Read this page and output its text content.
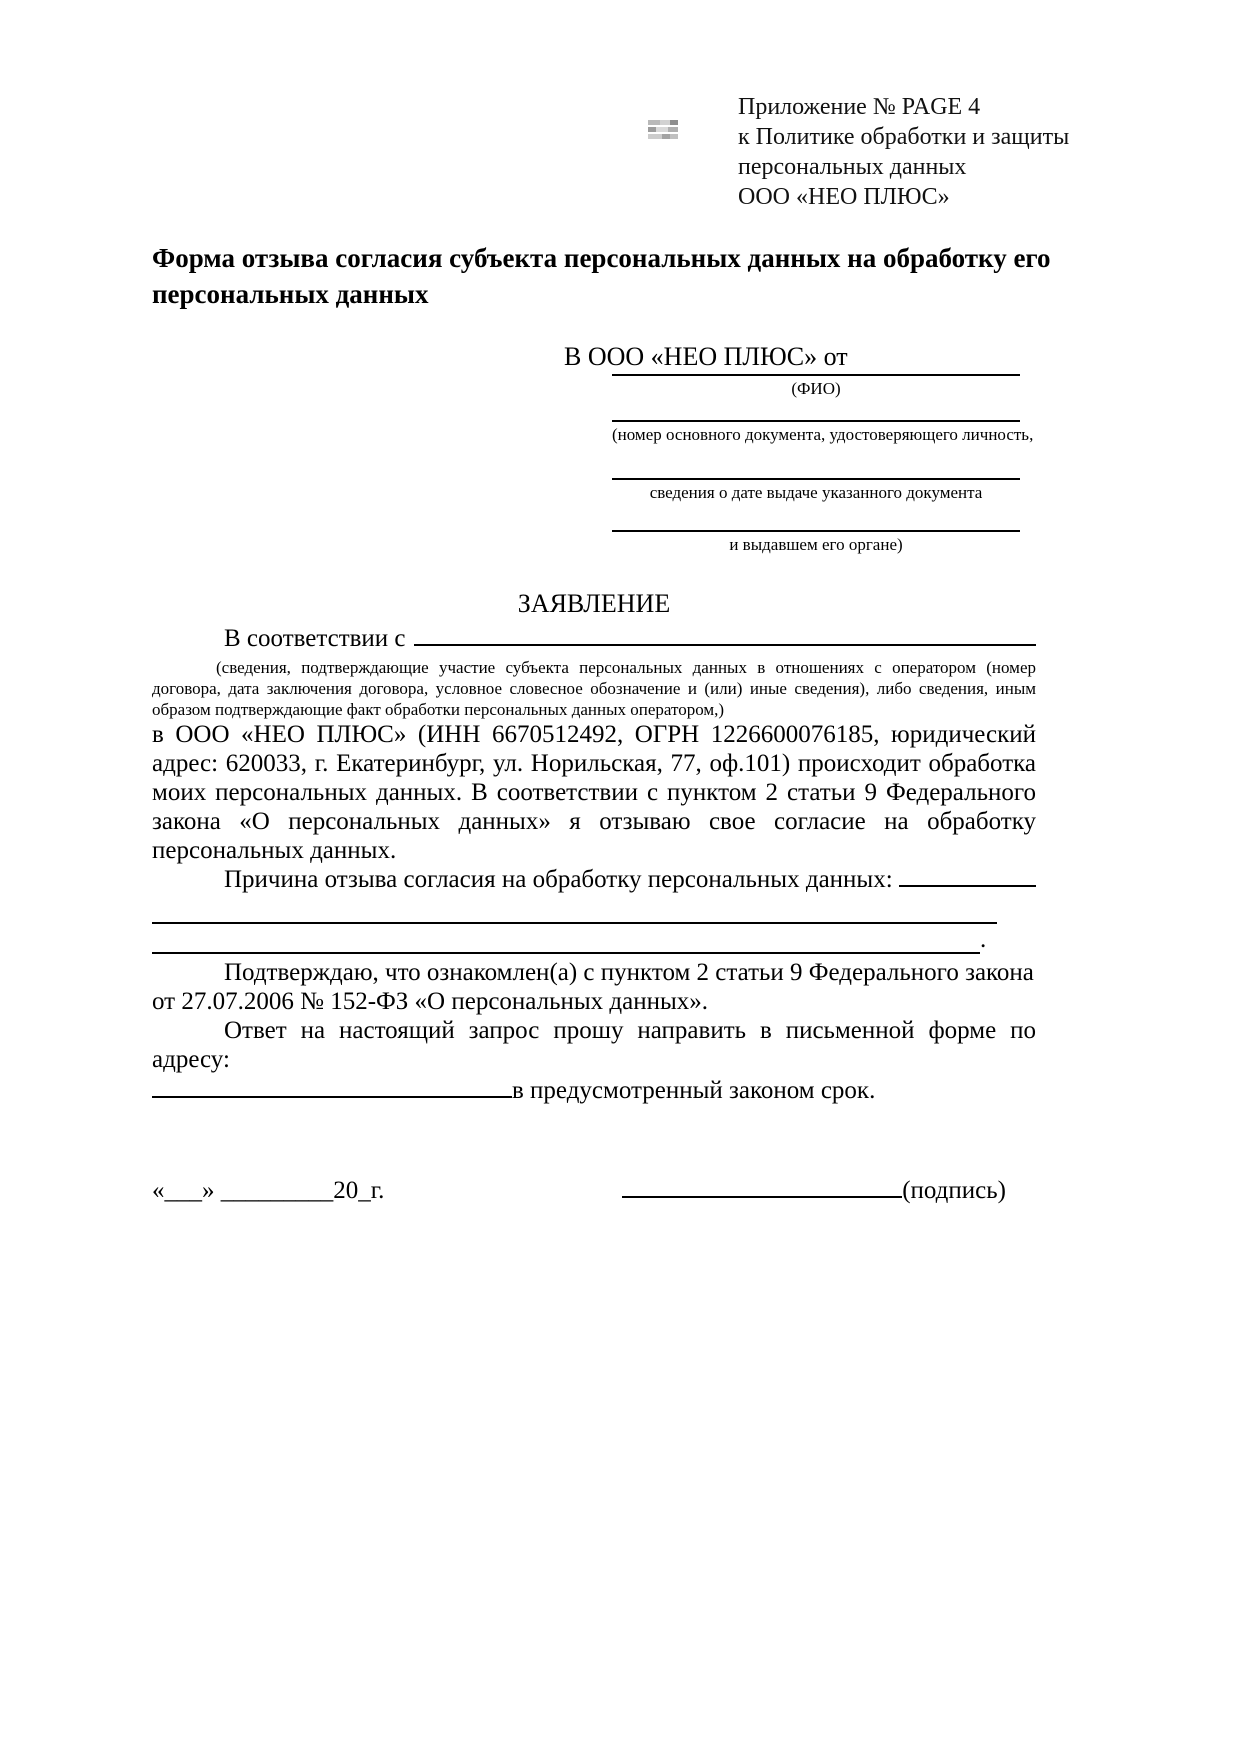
Приложение № PAGE 4
к Политике обработки и защиты
персональных данных
ООО «НЕО ПЛЮС»
Форма отзыва согласия субъекта персональных данных на обработку его персональных данных
В ООО «НЕО ПЛЮС» от
(ФИО)
(номер основного документа, удостоверяющего личность,
сведения о дате выдаче указанного документа
и выдавшем его органе)
ЗАЯВЛЕНИЕ
В соответствии с
(сведения, подтверждающие участие субъекта персональных данных в отношениях с оператором (номер договора, дата заключения договора, условное словесное обозначение и (или) иные сведения), либо сведения, иным образом подтверждающие факт обработки персональных данных оператором,)
в ООО «НЕО ПЛЮС» (ИНН 6670512492, ОГРН 1226600076185, юридический адрес: 620033, г. Екатеринбург, ул. Норильская, 77, оф.101) происходит обработка моих персональных данных. В соответствии с пунктом 2 статьи 9 Федерального закона «О персональных данных» я отзываю свое согласие на обработку персональных данных.
Причина отзыва согласия на обработку персональных данных:
.
Подтверждаю, что ознакомлен(а) с пунктом 2 статьи 9 Федерального закона от 27.07.2006 № 152-ФЗ «О персональных данных».
Ответ на настоящий запрос прошу направить в письменной форме по адресу:
в предусмотренный законом срок.
«___» _________20_г.	(подпись)
